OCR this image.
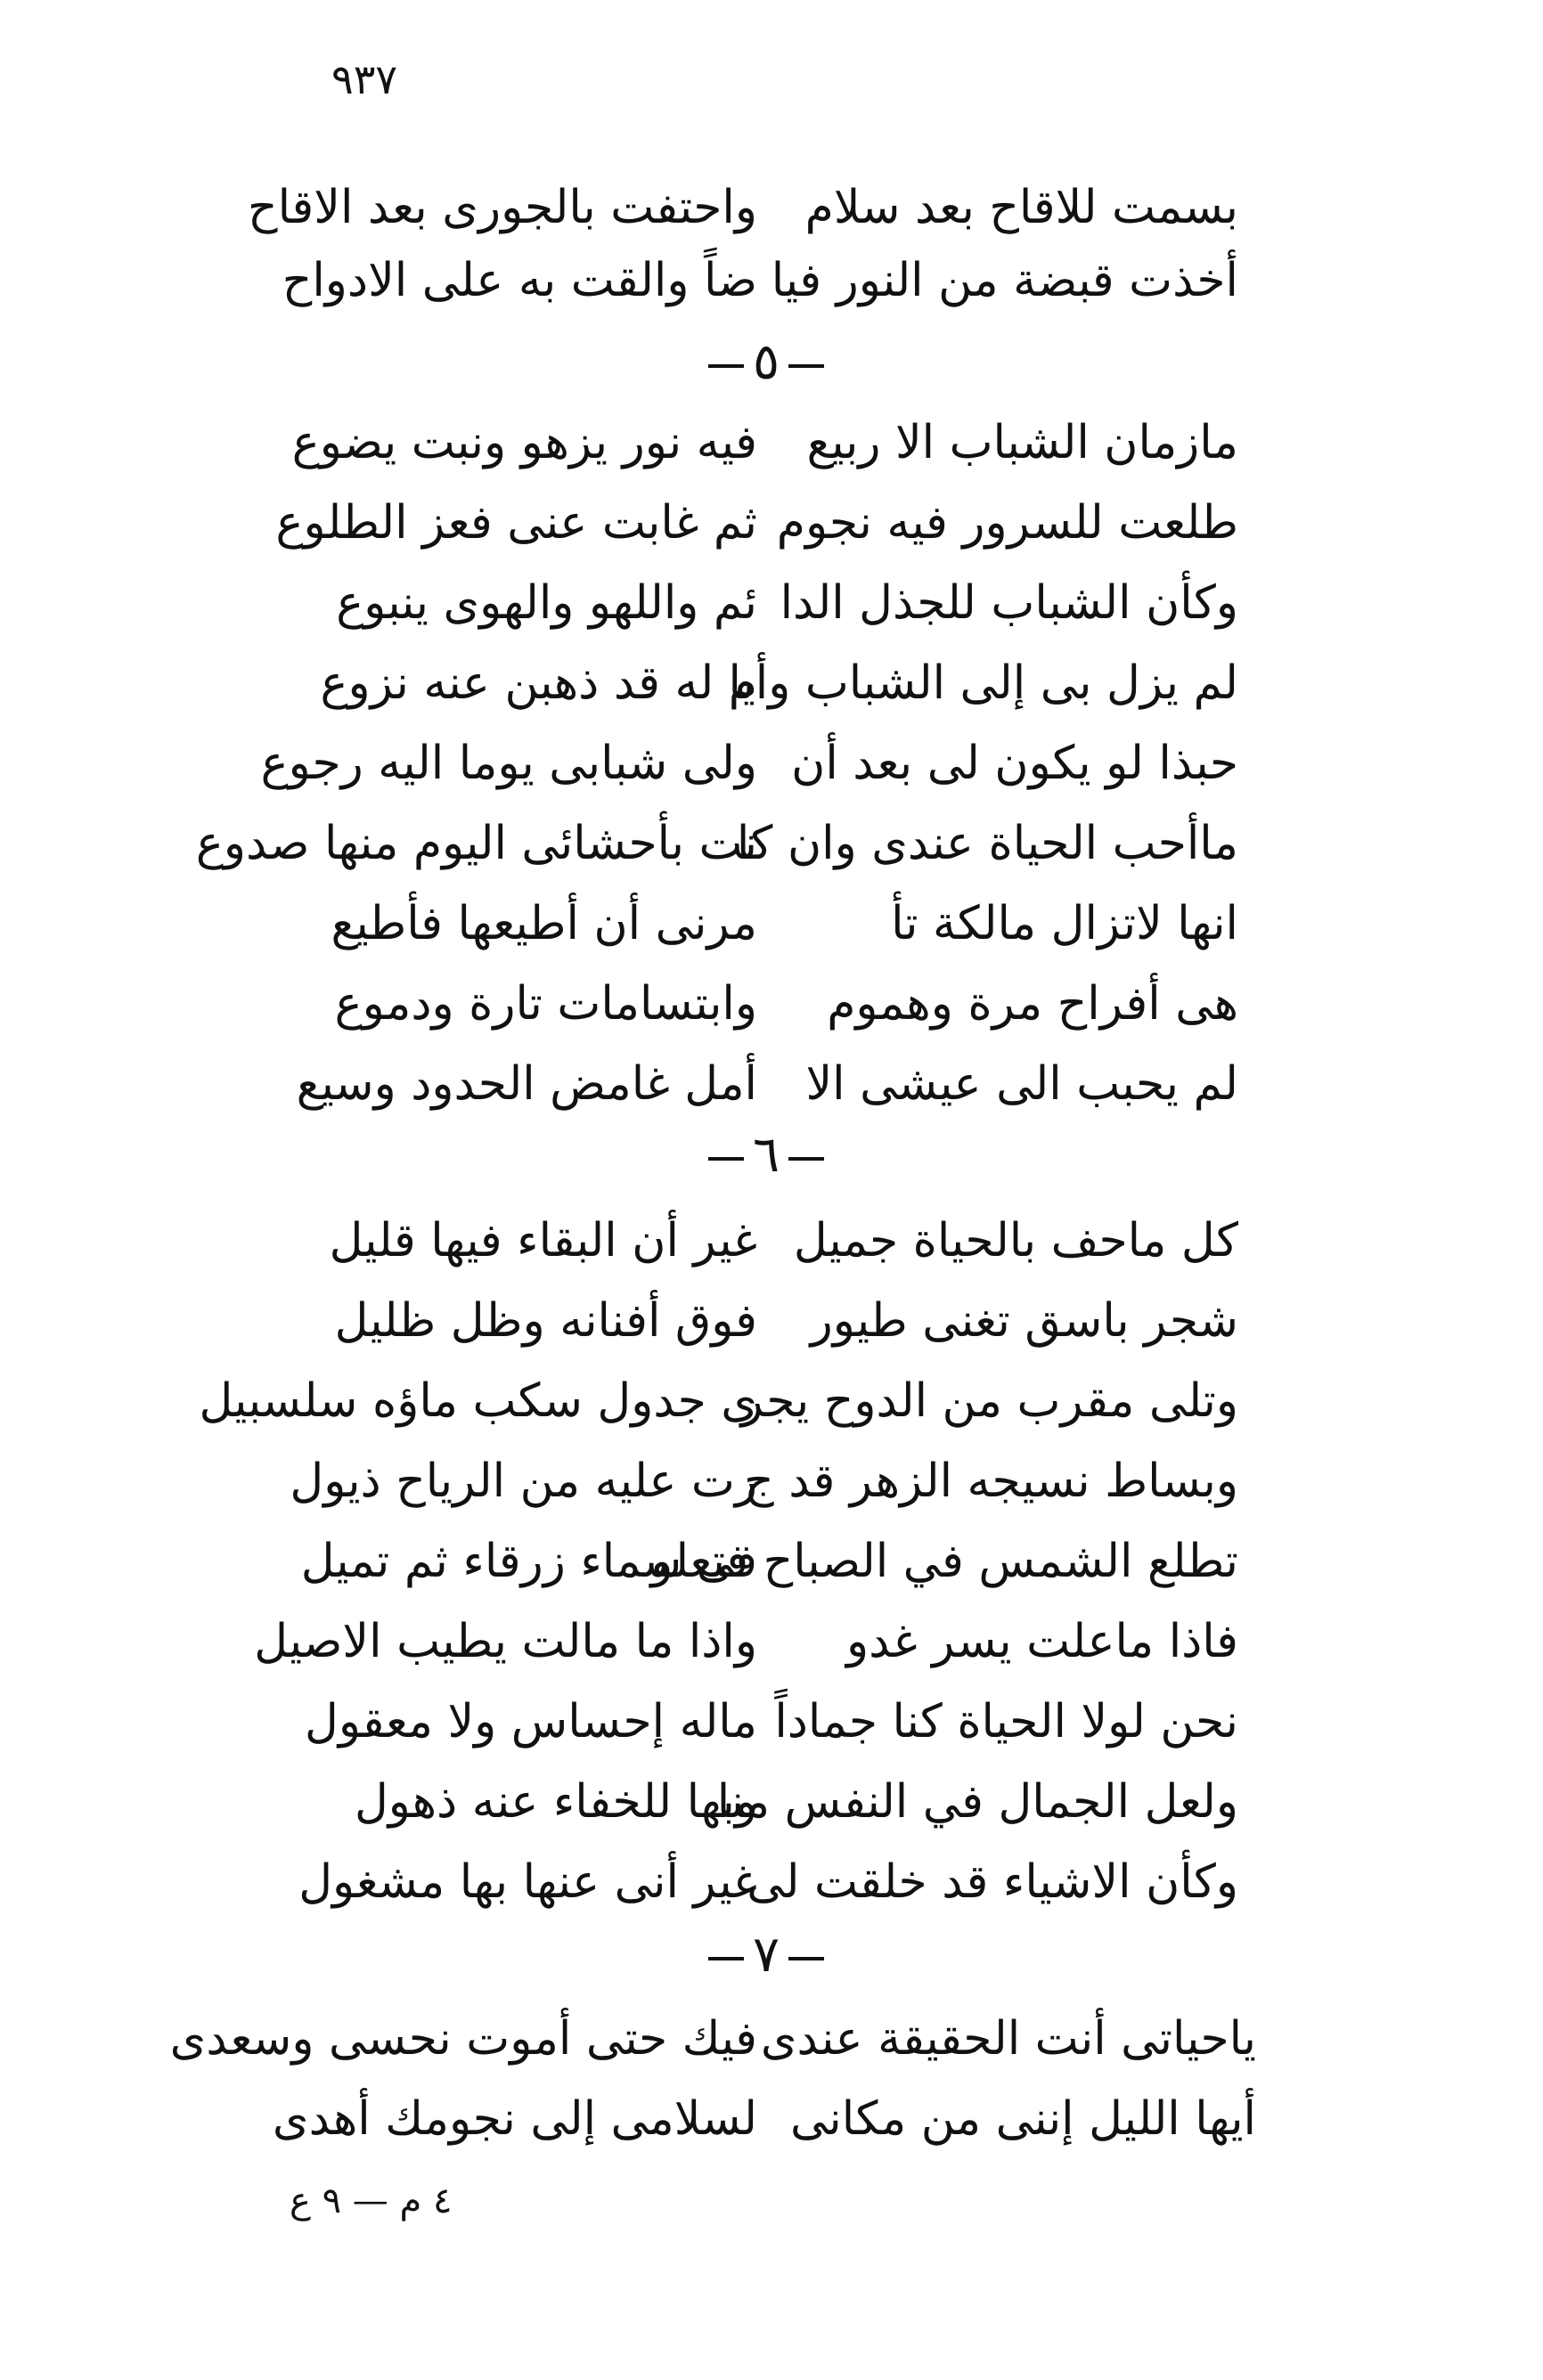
٩٣٧
بسمت للاقاح بعد سلام
واحتفت بالجورى بعد الاقاح
أخذت قبضة من النور فيا
ضاً والقت به على الادواح
٥
مازمان الشباب الا ربيع
فيه نور يزهو ونبت يضوع
طلعت للسرور فيه نجوم
ثم غابت عنى فعز الطلوع
وكأن الشباب للجذل الدا
ئم واللهو والهوى ينبوع
لم يزل بى إلى الشباب وأيا
م له قد ذهبن عنه نزوع
حبذا لو يكون لى بعد أن
ولى شبابى يوما اليه رجوع
ماأحب الحياة عندى وان كا
نت بأحشائى اليوم منها صدوع
انها لاتزال مالكة تأ
مرنى أن أطيعها فأطيع
هى أفراح مرة وهموم
وابتسامات تارة ودموع
لم يحبب الى عيشى الا
أمل غامض الحدود وسيع
٦
كل ماحف بالحياة جميل
غير أن البقاء فيها قليل
شجر باسق تغنى طيور
فوق أفنانه وظل ظليل
وتلى مقرب من الدوح يجر
ى جدول سكب ماؤه سلسبيل
وبساط نسيجه الزهر قد ج
رت عليه من الرياح ذيول
تطلع الشمس في الصباح فتعلو
فى سماء زرقاء ثم تميل
فاذا ماعلت يسر غدو
واذا ما مالت يطيب الاصيل
نحن لولا الحياة كنا جماداً
ماله إحساس ولا معقول
ولعل الجمال في النفس منا
وبها للخفاء عنه ذهول
وكأن الاشياء قد خلقت لى
غير أنى عنها بها مشغول
٧
ياحياتى أنت الحقيقة عندى
فيك حتى أموت نحسى وسعدى
أيها الليل إننى من مكانى
لسلامى إلى نجومك أهدى
٤ م — ٩ ع
